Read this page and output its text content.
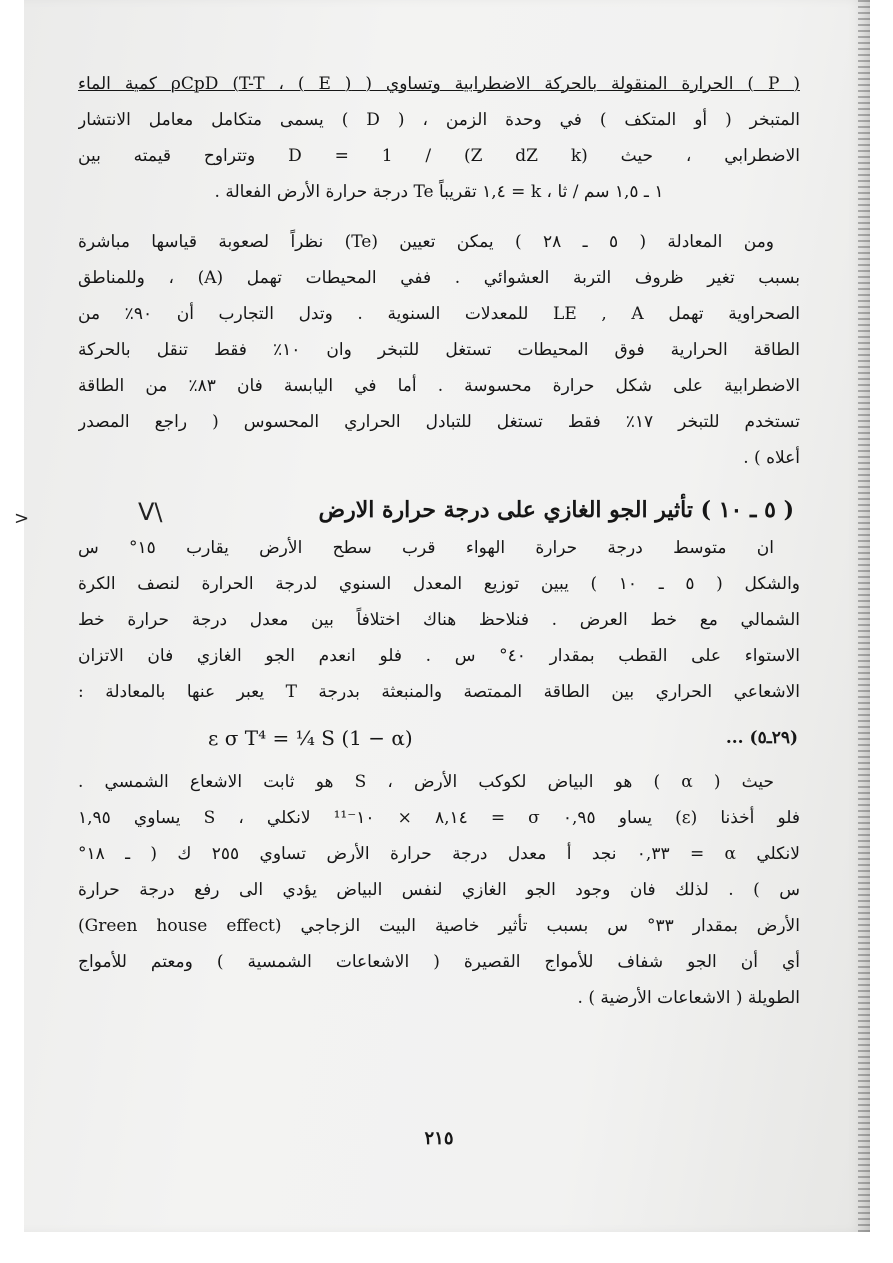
( P ) الحرارة المنقولة بالحركة الاضطرابية وتساوي ( ρCpD (T-T ، ( E ) كمية الماء
المتبخر ( أو المتكف ) في وحدة الزمن ، ( D ) يسمى متكامل معامل الانتشار
الاضطرابي ، حيث D = 1 / (Z dZ k) وتتراوح قيمته بين
١ ـ ١,٥ سم / ثا ، k = ١,٤ تقريباً Te درجة حرارة الأرض الفعالة .
ومن المعادلة ( ٥ ـ ٢٨ ) يمكن تعيين (Te) نظراً لصعوبة قياسها مباشرة
بسبب تغير ظروف التربة العشوائي . ففي المحيطات تهمل (A) ، وللمناطق
الصحراوية تهمل LE , A للمعدلات السنوية . وتدل التجارب أن ٩٠٪ من
الطاقة الحرارية فوق المحيطات تستغل للتبخر وان ١٠٪ فقط تنقل بالحركة
الاضطرابية على شكل حرارة محسوسة . أما في اليابسة فان ٨٣٪ من الطاقة
تستخدم للتبخر ١٧٪ فقط تستغل للتبادل الحراري المحسوس ( راجع المصدر
أعلاه ) .
( ٥ ـ ١٠ ) تأثير الجو الغازي على درجة حرارة الارض
V\
ان متوسط درجة حرارة الهواء قرب سطح الأرض يقارب ١٥° س
والشكل ( ٥ ـ ١٠ ) يبين توزيع المعدل السنوي لدرجة الحرارة لنصف الكرة
الشمالي مع خط العرض . فنلاحظ هناك اختلافاً بين معدل درجة حرارة خط
الاستواء على القطب بمقدار ٤٠° س . فلو انعدم الجو الغازي فان الاتزان
الاشعاعي الحراري بين الطاقة الممتصة والمنبعثة بدرجة T يعبر عنها بالمعادلة :
ε σ T⁴ = ¼ S (1 − α)	... (٢٩ـ٥)
حيث ( α ) هو البياض لكوكب الأرض ، S هو ثابت الاشعاع الشمسي .
فلو أخذنا (ε) يساو ٠,٩٥ σ = ٨,١٤ × ١٠⁻¹¹ لانكلي ، S يساوي ١,٩٥
لانكلي α = ٠,٣٣ نجد أ معدل درجة حرارة الأرض تساوي ٢٥٥ ك ( ـ ١٨°
س ) . لذلك فان وجود الجو الغازي لنفس البياض يؤدي الى رفع درجة حرارة
الأرض بمقدار ٣٣° س بسبب تأثير خاصية البيت الزجاجي (Green house effect)
أي أن الجو شفاف للأمواج القصيرة ( الاشعاعات الشمسية ) ومعتم للأمواج
الطويلة ( الاشعاعات الأرضية ) .
٢١٥
>
